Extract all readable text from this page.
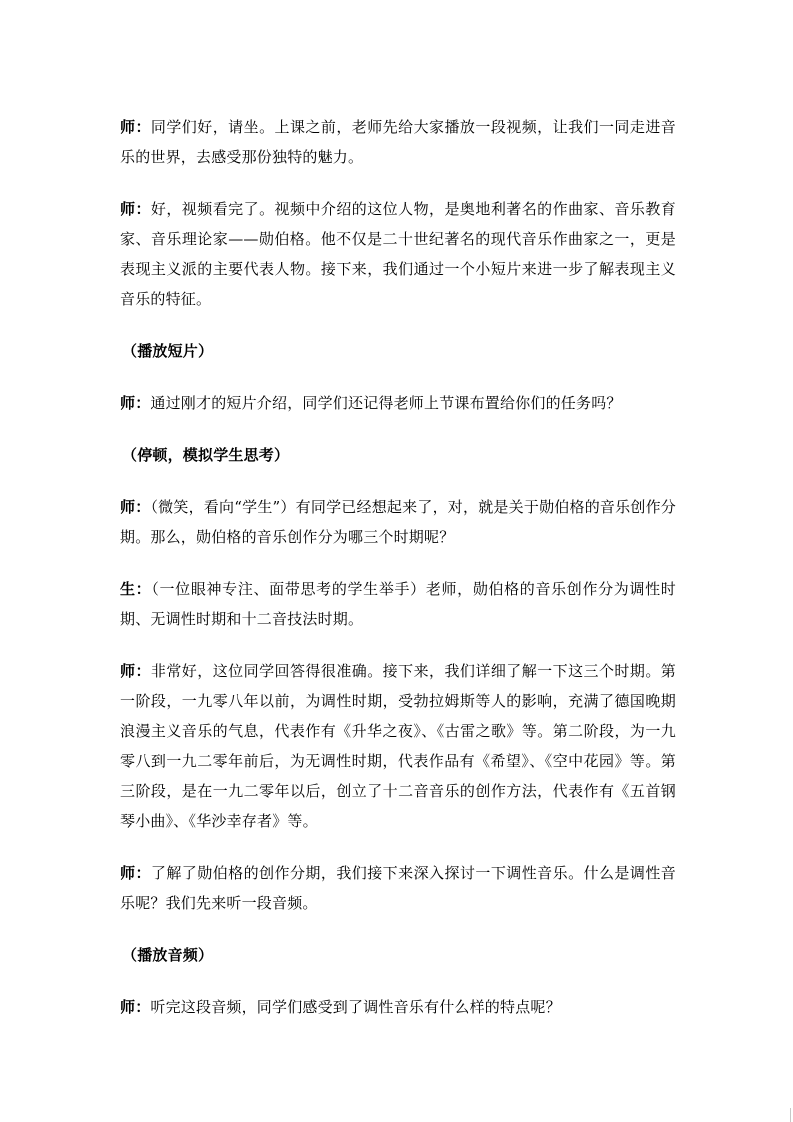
师：同学们好，请坐。上课之前，老师先给大家播放一段视频，让我们一同走进音乐的世界，去感受那份独特的魅力。

师：好，视频看完了。视频中介绍的这位人物，是奥地利著名的作曲家、音乐教育家、音乐理论家——勋伯格。他不仅是二十世纪著名的现代音乐作曲家之一，更是表现主义派的主要代表人物。接下来，我们通过一个小短片来进一步了解表现主义音乐的特征。

（播放短片）

师：通过刚才的短片介绍，同学们还记得老师上节课布置给你们的任务吗？

（停顿，模拟学生思考）

师：（微笑，看向“学生”）有同学已经想起来了，对，就是关于勋伯格的音乐创作分期。那么，勋伯格的音乐创作分为哪三个时期呢？

生：（一位眼神专注、面带思考的学生举手）老师，勋伯格的音乐创作分为调性时期、无调性时期和十二音技法时期。

师：非常好，这位同学回答得很准确。接下来，我们详细了解一下这三个时期。第一阶段，一九零八年以前，为调性时期，受勃拉姆斯等人的影响，充满了德国晚期浪漫主义音乐的气息，代表作有《升华之夜》、《古雷之歌》等。第二阶段，为一九零八到一九二零年前后，为无调性时期，代表作品有《希望》、《空中花园》等。第三阶段，是在一九二零年以后，创立了十二音音乐的创作方法，代表作有《五首钢琴小曲》、《华沙幸存者》等。

师：了解了勋伯格的创作分期，我们接下来深入探讨一下调性音乐。什么是调性音乐呢？我们先来听一段音频。

（播放音频）

师：听完这段音频，同学们感受到了调性音乐有什么样的特点呢？
